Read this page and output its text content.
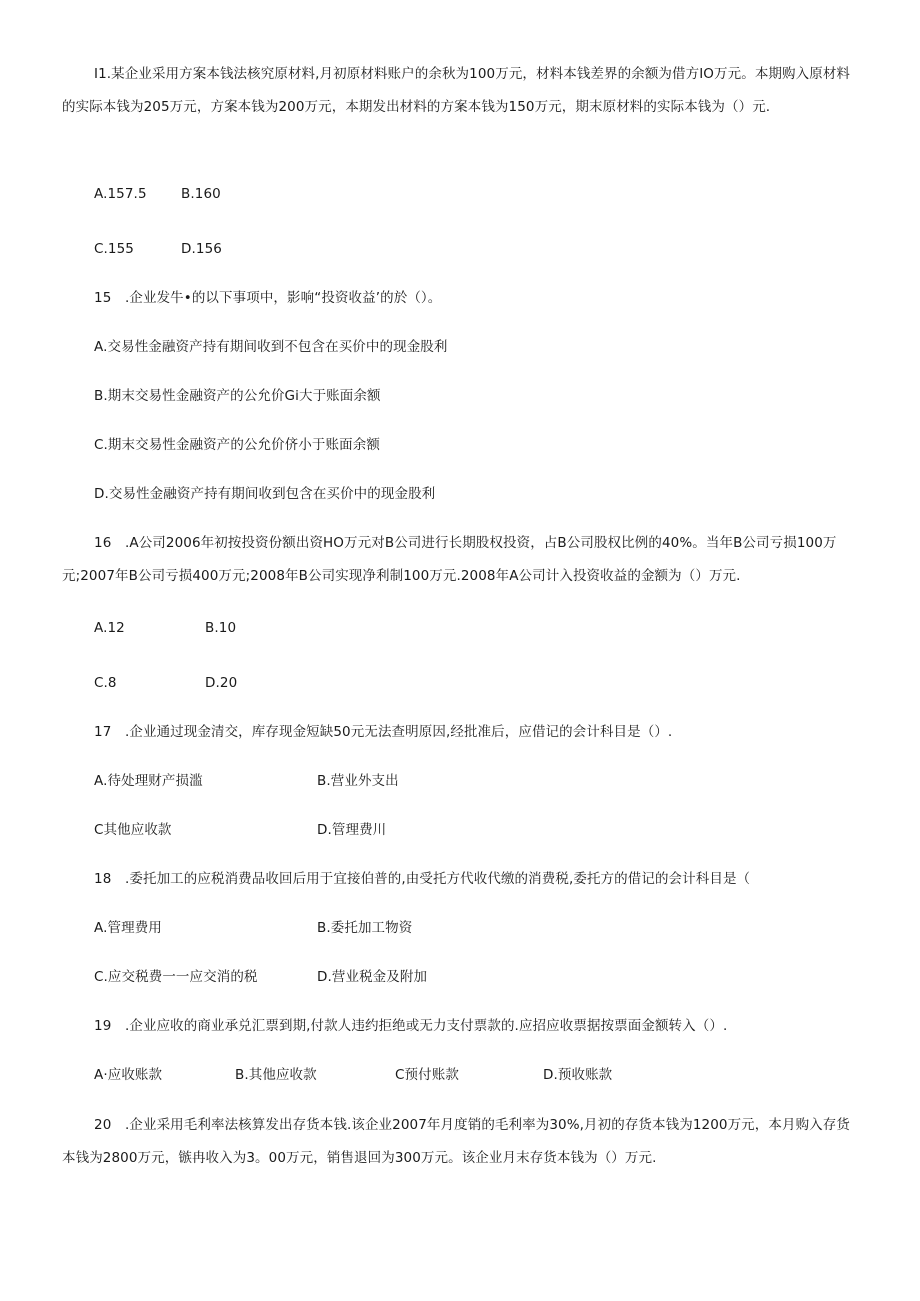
I1.某企业采用方案本钱法核究原材料,月初原材料账户的余秋为100万元，材料本钱差界的余额为借方IO万元。本期购入原材料的实际本钱为205万元，方案本钱为200万元，本期发出材料的方案本钱为150万元，期末原材料的实际本钱为（）元.

A.157.5	B.160
C.155	D.156
15 .企业发牛•的以下事项中，影响“投资收益’的於（）。
A.交易性金融资产持有期间收到不包含在买价中的现金股利
B.期末交易性金融资产的公允价Gi大于账面余额
C.期末交易性金融资产的公允价侪小于账面余额
D.交易性金融资产持有期间收到包含在买价中的现金股利

16 .A公司2006年初按投资份额出资HO万元对B公司进行长期股权投资，占B公司股权比例的40%。当年B公司亏损100万元;2007年B公司亏损400万元;2008年B公司实现净利制100万元.2008年A公司计入投资收益的金额为（）万元.

A.12	B.10
C.8	D.20
17 .企业通过现金清交，库存现金短缺50元无法查明原因,经批准后，应借记的会计科目是（）.
A.待处理财产损滥	B.营业外支出
C其他应收款	D.管理费川
18 .委托加工的应税消费品收回后用于宜接伯普的,由受托方代收代缴的消费税,委托方的借记的会计科目是（
A.管理费用	B.委托加工物资
C.应交税费一一应交消的税	D.营业税金及附加
19 .企业应收的商业承兑汇票到期,付款人违约拒绝或无力支付票款的.应招应收票据按票面金额转入（）.
A·应收账款	B.其他应收款	C预付账款	D.预收账款

20 .企业采用毛利率法核算发出存货本钱.该企业2007年月度销的毛利率为30%,月初的存货本钱为1200万元，本月购入存货本钱为2800万元，镞冉收入为3。00万元，销售退回为300万元。该企业月末存货本钱为（）万元.
